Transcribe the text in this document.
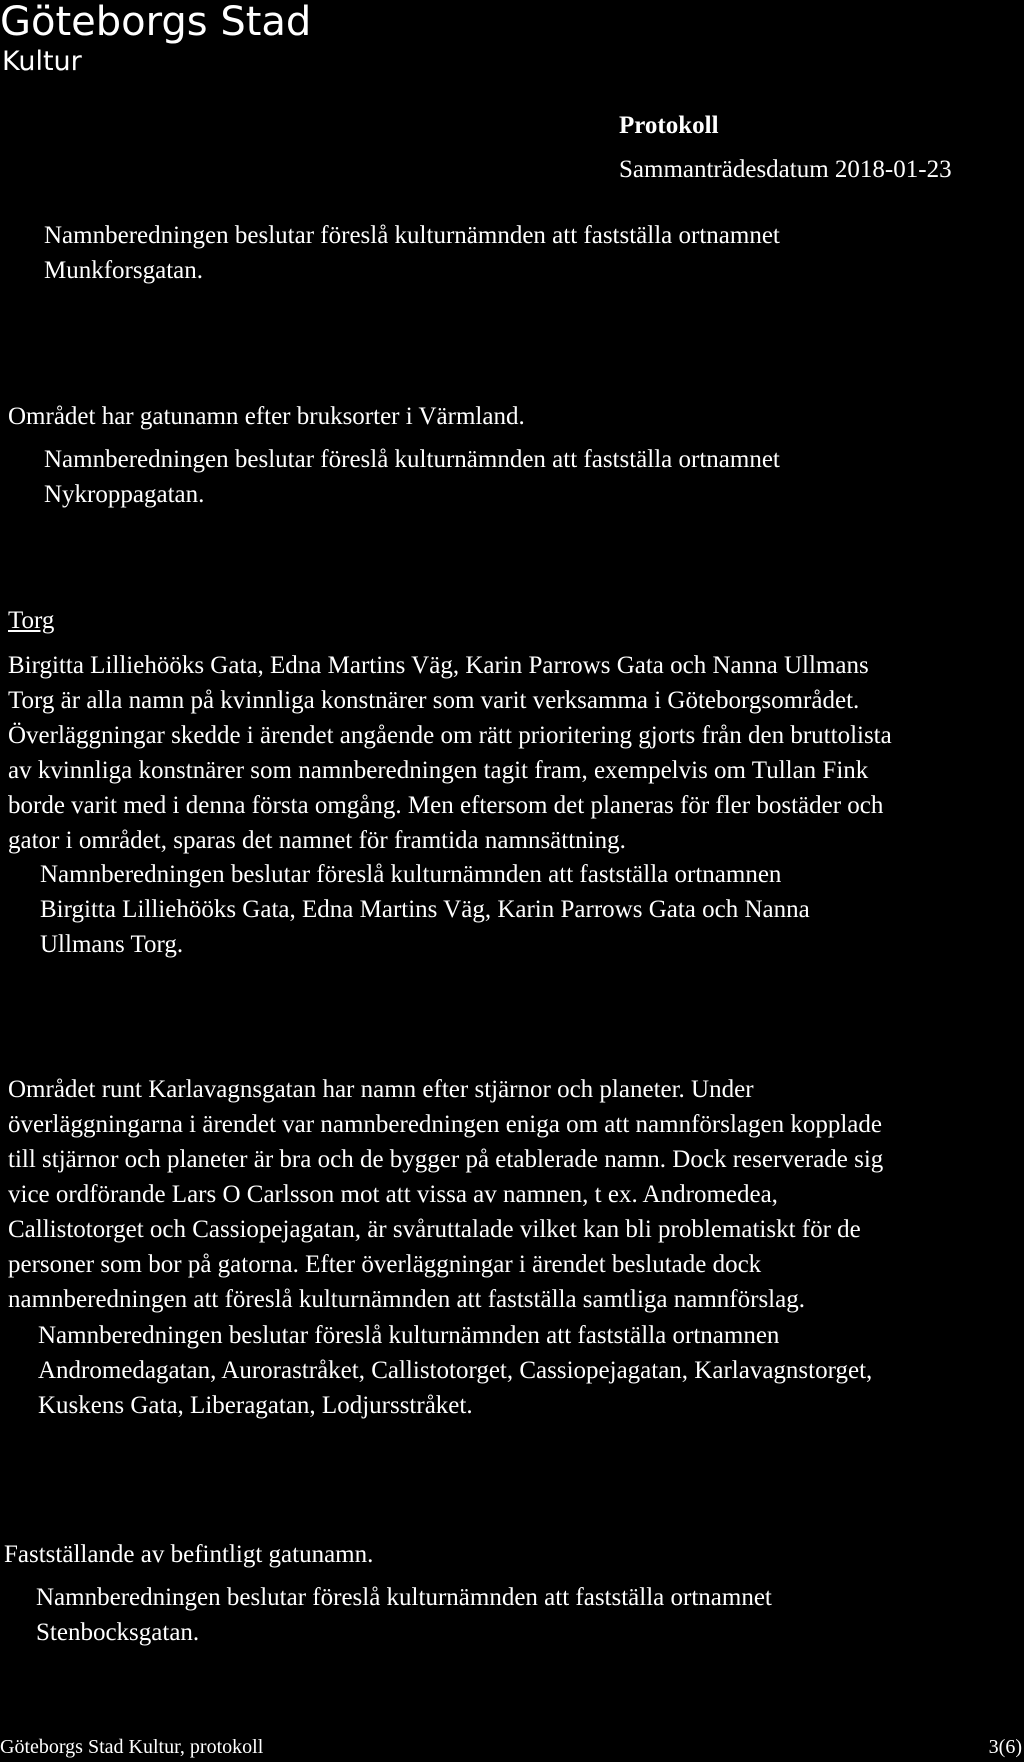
Göteborgs Stad
Kultur
Protokoll
Sammanträdesdatum 2018-01-23
Namnberedningen beslutar föreslå kulturnämnden att fastställa ortnamnet
Munkforsgatan.
Området har gatunamn efter bruksorter i Värmland.
Namnberedningen beslutar föreslå kulturnämnden att fastställa ortnamnet
Nykroppagatan.
Torg
Birgitta Lilliehööks Gata, Edna Martins Väg, Karin Parrows Gata och Nanna Ullmans
Torg är alla namn på kvinnliga konstnärer som varit verksamma i Göteborgsområdet.
Överläggningar skedde i ärendet angående om rätt prioritering gjorts från den bruttolista
av kvinnliga konstnärer som namnberedningen tagit fram, exempelvis om Tullan Fink
borde varit med i denna första omgång. Men eftersom det planeras för fler bostäder och
gator i området, sparas det namnet för framtida namnsättning.
Namnberedningen beslutar föreslå kulturnämnden att fastställa ortnamnen
Birgitta Lilliehööks Gata, Edna Martins Väg, Karin Parrows Gata och Nanna
Ullmans Torg.
Området runt Karlavagnsgatan har namn efter stjärnor och planeter. Under
överläggningarna i ärendet var namnberedningen eniga om att namnförslagen kopplade
till stjärnor och planeter är bra och de bygger på etablerade namn. Dock reserverade sig
vice ordförande Lars O Carlsson mot att vissa av namnen, t ex. Andromedea,
Callistotorget och Cassiopejagatan, är svåruttalade vilket kan bli problematiskt för de
personer som bor på gatorna. Efter överläggningar i ärendet beslutade dock
namnberedningen att föreslå kulturnämnden att fastställa samtliga namnförslag.
Namnberedningen beslutar föreslå kulturnämnden att fastställa ortnamnen
Andromedagatan, Aurorastråket, Callistotorget, Cassiopejagatan, Karlavagnstorget,
Kuskens Gata, Liberagatan, Lodjursstråket.
Fastställande av befintligt gatunamn.
Namnberedningen beslutar föreslå kulturnämnden att fastställa ortnamnet
Stenbocksgatan.
Göteborgs Stad Kultur, protokoll	3(6)
